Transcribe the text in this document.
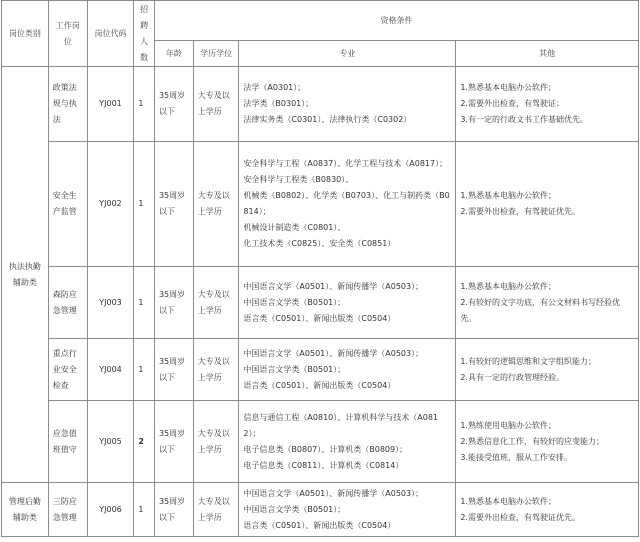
岗位类别	工作岗位	岗位代码	招聘人数	资格条件			
				年龄	学历学位	专业	其他
执法执勤辅助类	政策法规与执法	YJ001	1	35周岁以下	大专及以上学历	法学（A0301）；
法学类（B0301）；
法律实务类（C0301）、法律执行类（C0302）	1.熟悉基本电脑办公软件；
2.需要外出检查，有驾驶证；
3.有一定的行政文书工作基础优先。

	安全生产监管	YJ002	1	35周岁以下	大专及以上学历	安全科学与工程（A0837）、化学工程与技术（A0817）；
安全科学与工程类（B0830）、
机械类（B0802）、化学类（B0703）、化工与制药类（B0814）；
机械设计制造类（C0801）、
化工技术类（C0825）、安全类（C0851）	1.熟悉基本电脑办公软件；
2.需要外出检查，有驾驶证优先。

	森防应急管理	YJ003	1	35周岁以下	大专及以上学历	中国语言文学（A0501）、新闻传播学（A0503）；
中国语言文学类（B0501）；
语言类（C0501）、新闻出版类（C0504）	1.熟悉基本电脑办公软件；
2.有较好的文字功底，有公文材料书写经验优先。

	重点行业安全检查	YJ004	1	35周岁以下	大专及以上学历	中国语言文学（A0501）、新闻传播学（A0503）；
中国语言文学类（B0501）；
语言类（C0501）、新闻出版类（C0504）	1.有较好的逻辑思维和文字组织能力；
2.具有一定的行政管理经验。

	应急值班值守	YJ005	2	35周岁以下	大专及以上学历	信息与通信工程（A0810）、计算机科学与技术（A0812）；
电子信息类（B0807）、计算机类（B0809）；
电子信息类（C0811）、计算机类（C0814）	1.熟练使用电脑办公软件；
2.熟悉信息化工作，有较好的应变能力；
3.能接受值班，服从工作安排。

管理后勤辅助类	三防应急管理	YJ006	1	35周岁以下	大专及以上学历	中国语言文学（A0501）、新闻传播学（A0503）；
中国语言文学类（B0501）；
语言类（C0501）、新闻出版类（C0504）	1.熟悉基本电脑办公软件；
2.需要外出检查，有驾驶证优先。
